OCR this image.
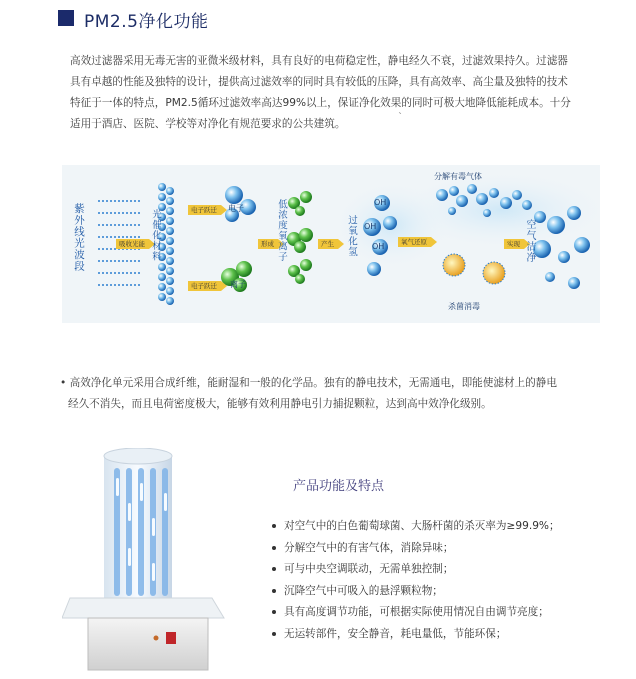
PM2.5净化功能
高效过滤器采用无毒无害的亚微米级材料，具有良好的电荷稳定性，静电经久不衰，过滤效果持久。过滤器
具有卓越的性能及独特的设计，提供高过滤效率的同时具有较低的压降，具有高效率、高尘量及独特的技术
特征于一体的特点，PM2.5循环过滤效率高达99%以上，保证净化效果的同时可极大地降低能耗成本。十分
适用于酒店、医院、学校等对净化有规范要求的公共建筑。
`
紫外线光波段	吸收光能 光催化材料	电子跃迁
电子跃迁
电子
离子
形成 低浓度氧离子	产生	过氧化氢
OH
OH
OH	氧气还原
分解有毒气体
实现 空气洁净
杀菌消毒
• 高效净化单元采用合成纤维，能耐湿和一般的化学品。独有的静电技术，无需通电，即能使滤材上的静电
经久不消失，而且电荷密度极大，能够有效利用静电引力捕捉颗粒，达到高中效净化级别。
产品功能及特点
对空气中的白色葡萄球菌、大肠杆菌的杀灭率为≥99.9%；
分解空气中的有害气体，消除异味；
可与中央空调联动，无需单独控制；
沉降空气中可吸入的悬浮颗粒物；
具有高度调节功能，可根据实际使用情况自由调节亮度；
无运转部件，安全静音，耗电量低，节能环保；
